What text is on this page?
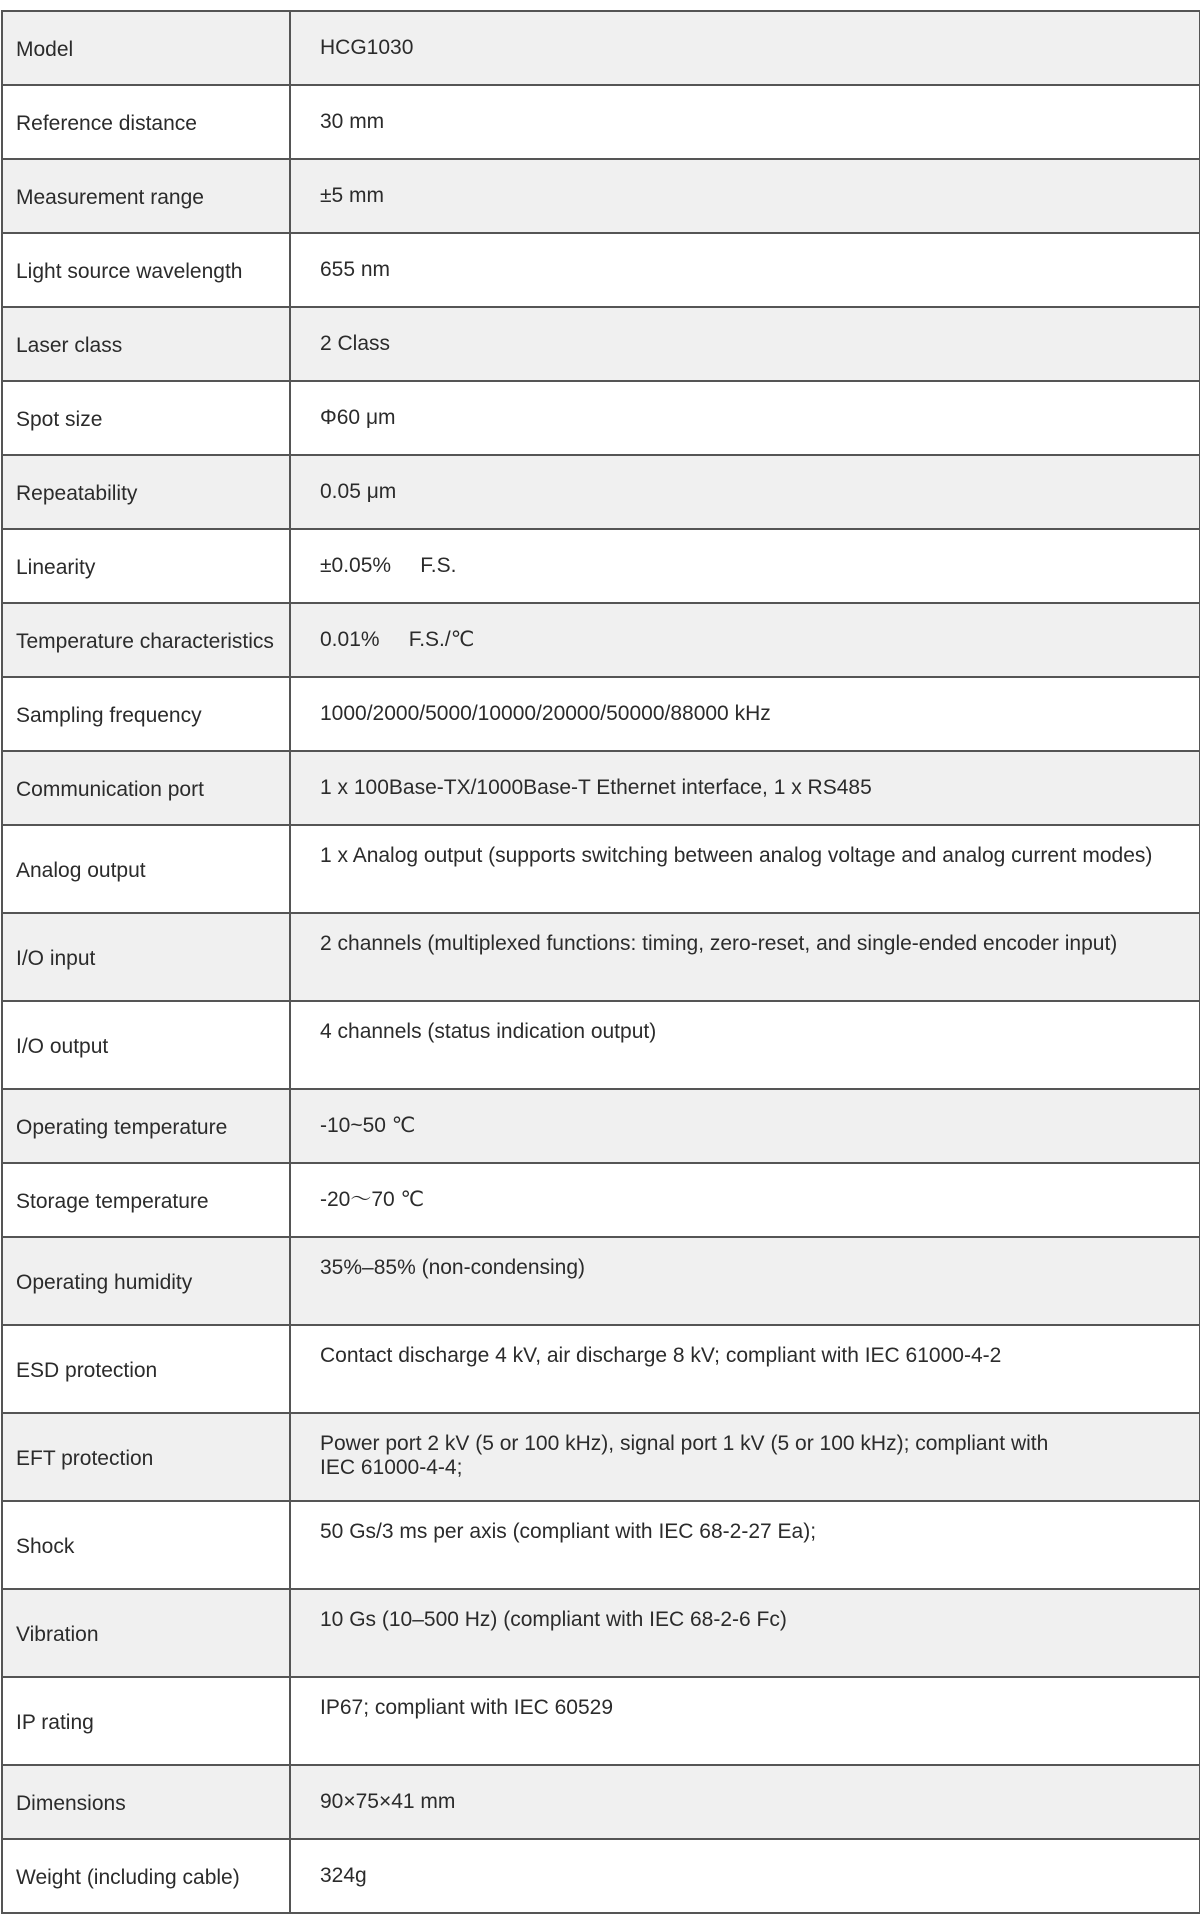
Model	HCG1030
Reference distance	30 mm
Measurement range	±5 mm
Light source wavelength	655 nm
Laser class	2 Class
Spot size	Φ60 μm
Repeatability	0.05 μm
Linearity	±0.05%     F.S.
Temperature characteristics	0.01%     F.S./℃
Sampling frequency	1000/2000/5000/10000/20000/50000/88000 kHz
Communication port	1 x 100Base-TX/1000Base-T Ethernet interface, 1 x RS485
Analog output	1 x Analog output (supports switching between analog voltage and analog current modes)
I/O input	2 channels (multiplexed functions: timing, zero-reset, and single-ended encoder input)
I/O output	4 channels (status indication output)
Operating temperature	-10~50 ℃
Storage temperature	-20～70 ℃
Operating humidity	35%–85% (non-condensing)
ESD protection	Contact discharge 4 kV, air discharge 8 kV; compliant with IEC 61000-4-2
EFT protection	Power port 2 kV (5 or 100 kHz), signal port 1 kV (5 or 100 kHz); compliant with
IEC 61000-4-4;

Shock	50 Gs/3 ms per axis (compliant with IEC 68-2-27 Ea);
Vibration	10 Gs (10–500 Hz) (compliant with IEC 68-2-6 Fc)
IP rating	IP67; compliant with IEC 60529
Dimensions	90×75×41 mm
Weight (including cable)	324g
